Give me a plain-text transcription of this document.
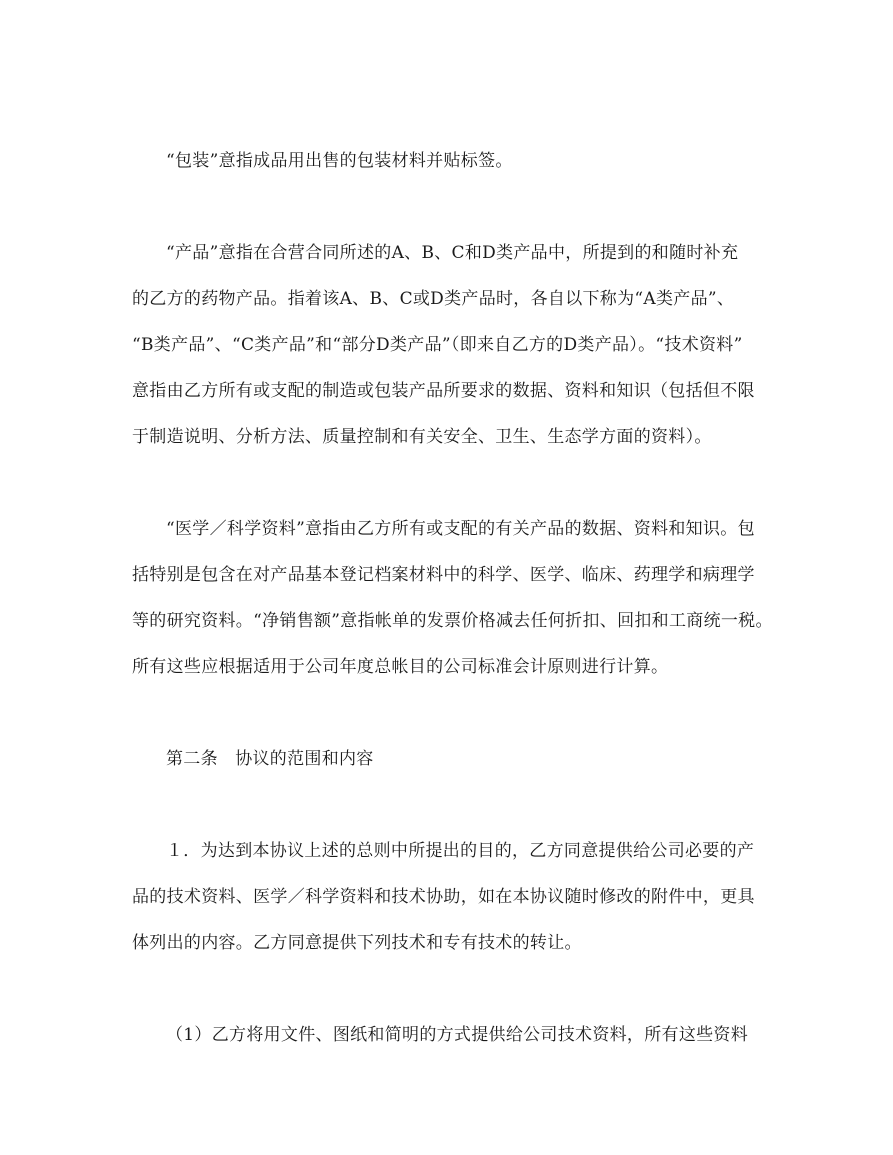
“包装”意指成品用出售的包装材料并贴标签。
“产品”意指在合营合同所述的A、B、C和D类产品中，所提到的和随时补充
的乙方的药物产品。指着该A、B、C或D类产品时，各自以下称为“A类产品”、
“B类产品”、“C类产品”和“部分D类产品”（即来自乙方的D类产品）。“技术资料”
意指由乙方所有或支配的制造或包装产品所要求的数据、资料和知识（包括但不限
于制造说明、分析方法、质量控制和有关安全、卫生、生态学方面的资料）。
“医学／科学资料”意指由乙方所有或支配的有关产品的数据、资料和知识。包
括特别是包含在对产品基本登记档案材料中的科学、医学、临床、药理学和病理学
等的研究资料。“净销售额”意指帐单的发票价格减去任何折扣、回扣和工商统一税。
所有这些应根据适用于公司年度总帐目的公司标准会计原则进行计算。
第二条　协议的范围和内容
１．为达到本协议上述的总则中所提出的目的，乙方同意提供给公司必要的产
品的技术资料、医学／科学资料和技术协助，如在本协议随时修改的附件中，更具
体列出的内容。乙方同意提供下列技术和专有技术的转让。
（1）乙方将用文件、图纸和简明的方式提供给公司技术资料，所有这些资料
